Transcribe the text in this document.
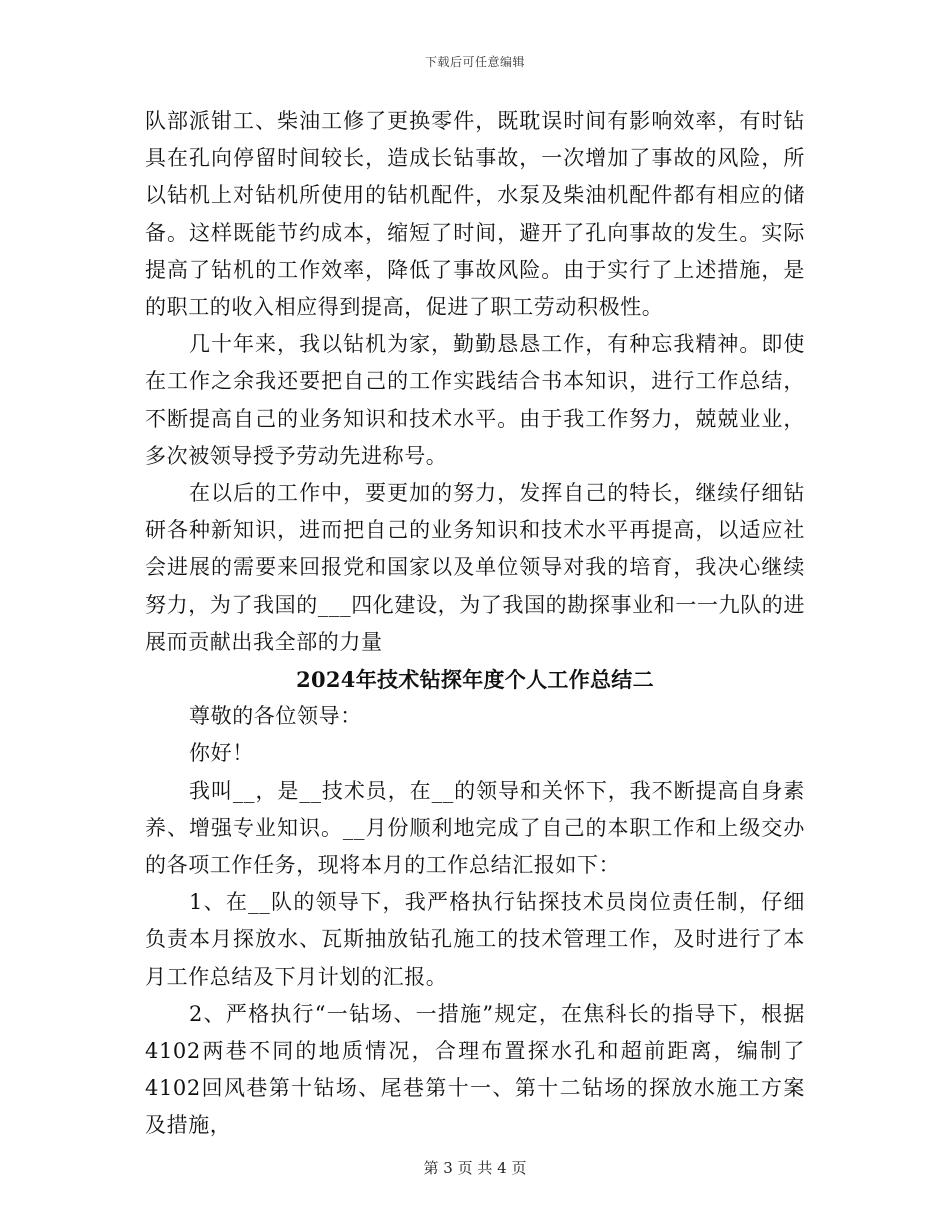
下载后可任意编辑

队部派钳工、柴油工修了更换零件，既耽误时间有影响效率，有时钻具在孔向停留时间较长，造成长钻事故，一次增加了事故的风险，所以钻机上对钻机所使用的钻机配件，水泵及柴油机配件都有相应的储备。这样既能节约成本，缩短了时间，避开了孔向事故的发生。实际提高了钻机的工作效率，降低了事故风险。由于实行了上述措施，是的职工的收入相应得到提高，促进了职工劳动积极性。

几十年来，我以钻机为家，勤勤恳恳工作，有种忘我精神。即使在工作之余我还要把自己的工作实践结合书本知识，进行工作总结，不断提高自己的业务知识和技术水平。由于我工作努力，兢兢业业，多次被领导授予劳动先进称号。

在以后的工作中，要更加的努力，发挥自己的特长，继续仔细钻研各种新知识，进而把自己的业务知识和技术水平再提高，以适应社会进展的需要来回报党和国家以及单位领导对我的培育，我决心继续努力，为了我国的___四化建设，为了我国的勘探事业和一一九队的进展而贡献出我全部的力量

2024年技术钻探年度个人工作总结二

尊敬的各位领导：

你好！

我叫__，是__技术员，在__的领导和关怀下，我不断提高自身素养、增强专业知识。__月份顺利地完成了自己的本职工作和上级交办的各项工作任务，现将本月的工作总结汇报如下：

1、在__队的领导下，我严格执行钻探技术员岗位责任制，仔细负责本月探放水、瓦斯抽放钻孔施工的技术管理工作，及时进行了本月工作总结及下月计划的汇报。

2、严格执行“一钻场、一措施”规定，在焦科长的指导下，根据4102两巷不同的地质情况，合理布置探水孔和超前距离，编制了4102回风巷第十钻场、尾巷第十一、第十二钻场的探放水施工方案及措施，

第 3 页 共 4 页
